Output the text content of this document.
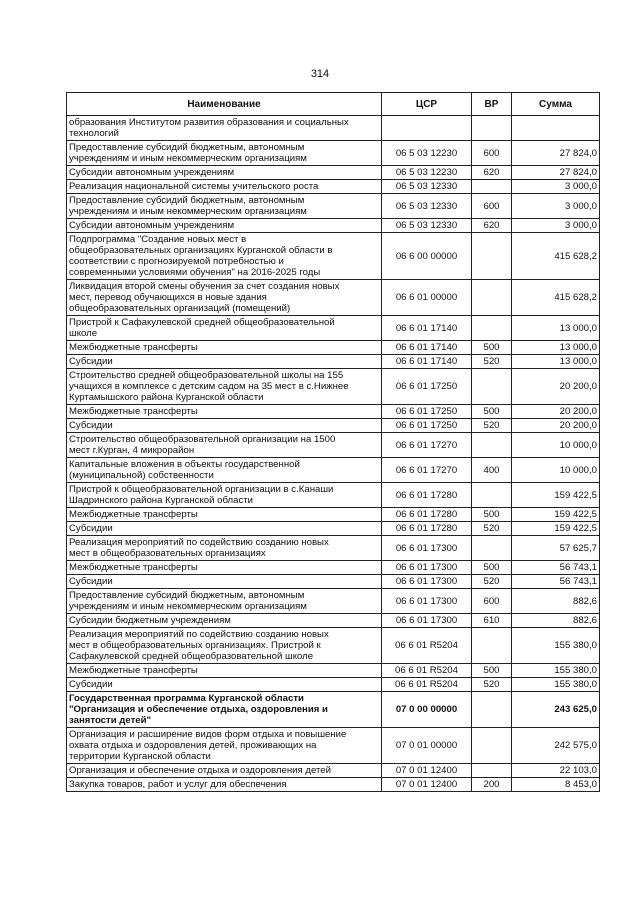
314
Наименование	ЦСР	ВР	Сумма
образования Институтом развития образования и социальных
технологий			
Предоставление субсидий бюджетным, автономным
учреждениям и иным некоммерческим организациям	06 5 03 12230	600	27 824,0
Субсидии автономным учреждениям	06 5 03 12230	620	27 824,0
Реализация национальной системы учительского роста	06 5 03 12330		3 000,0
Предоставление субсидий бюджетным, автономным
учреждениям и иным некоммерческим организациям	06 5 03 12330	600	3 000,0
Субсидии автономным учреждениям	06 5 03 12330	620	3 000,0
Подпрограмма "Создание новых мест в
общеобразовательных организациях Курганской области в
соответствии с прогнозируемой потребностью и
современными условиями обучения" на 2016-2025 годы	06 6 00 00000		415 628,2
Ликвидация второй смены обучения за счет создания новых
мест, перевод обучающихся в новые здания
общеобразовательных организаций (помещений)	06 6 01 00000		415 628,2
Пристрой к Сафакулевской средней общеобразовательной
школе	06 6 01 17140		13 000,0
Межбюджетные трансферты	06 6 01 17140	500	13 000,0
Субсидии	06 6 01 17140	520	13 000,0
Строительство средней общеобразовательной школы на 155
учащихся в комплексе с детским садом на 35 мест в с.Нижнее
Куртамышского района Курганской области	06 6 01 17250		20 200,0
Межбюджетные трансферты	06 6 01 17250	500	20 200,0
Субсидии	06 6 01 17250	520	20 200,0
Строительство общеобразовательной организации на 1500
мест г.Курган, 4 микрорайон	06 6 01 17270		10 000,0
Капитальные вложения в объекты государственной
(муниципальной) собственности	06 6 01 17270	400	10 000,0
Пристрой к общеобразовательной организации в с.Канаши
Шадринского района Курганской области	06 6 01 17280		159 422,5
Межбюджетные трансферты	06 6 01 17280	500	159 422,5
Субсидии	06 6 01 17280	520	159 422,5
Реализация мероприятий по содействию созданию новых
мест в общеобразовательных организациях	06 6 01 17300		57 625,7
Межбюджетные трансферты	06 6 01 17300	500	56 743,1
Субсидии	06 6 01 17300	520	56 743,1
Предоставление субсидий бюджетным, автономным
учреждениям и иным некоммерческим организациям	06 6 01 17300	600	882,6
Субсидии бюджетным учреждениям	06 6 01 17300	610	882,6
Реализация мероприятий по содействию созданию новых
мест в общеобразовательных организациях. Пристрой к
Сафакулевской средней общеобразовательной школе	06 6 01 R5204		155 380,0
Межбюджетные трансферты	06 6 01 R5204	500	155 380,0
Субсидии	06 6 01 R5204	520	155 380,0
Государственная программа Курганской области
"Организация и обеспечение отдыха, оздоровления и
занятости детей"	07 0 00 00000		243 625,0
Организация и расширение видов форм отдыха и повышение
охвата отдыха и оздоровления детей, проживающих на
территории Курганской области	07 0 01 00000		242 575,0
Организация и обеспечение отдыха и оздоровления детей	07 0 01 12400		22 103,0
Закупка товаров, работ и услуг для обеспечения	07 0 01 12400	200	8 453,0
